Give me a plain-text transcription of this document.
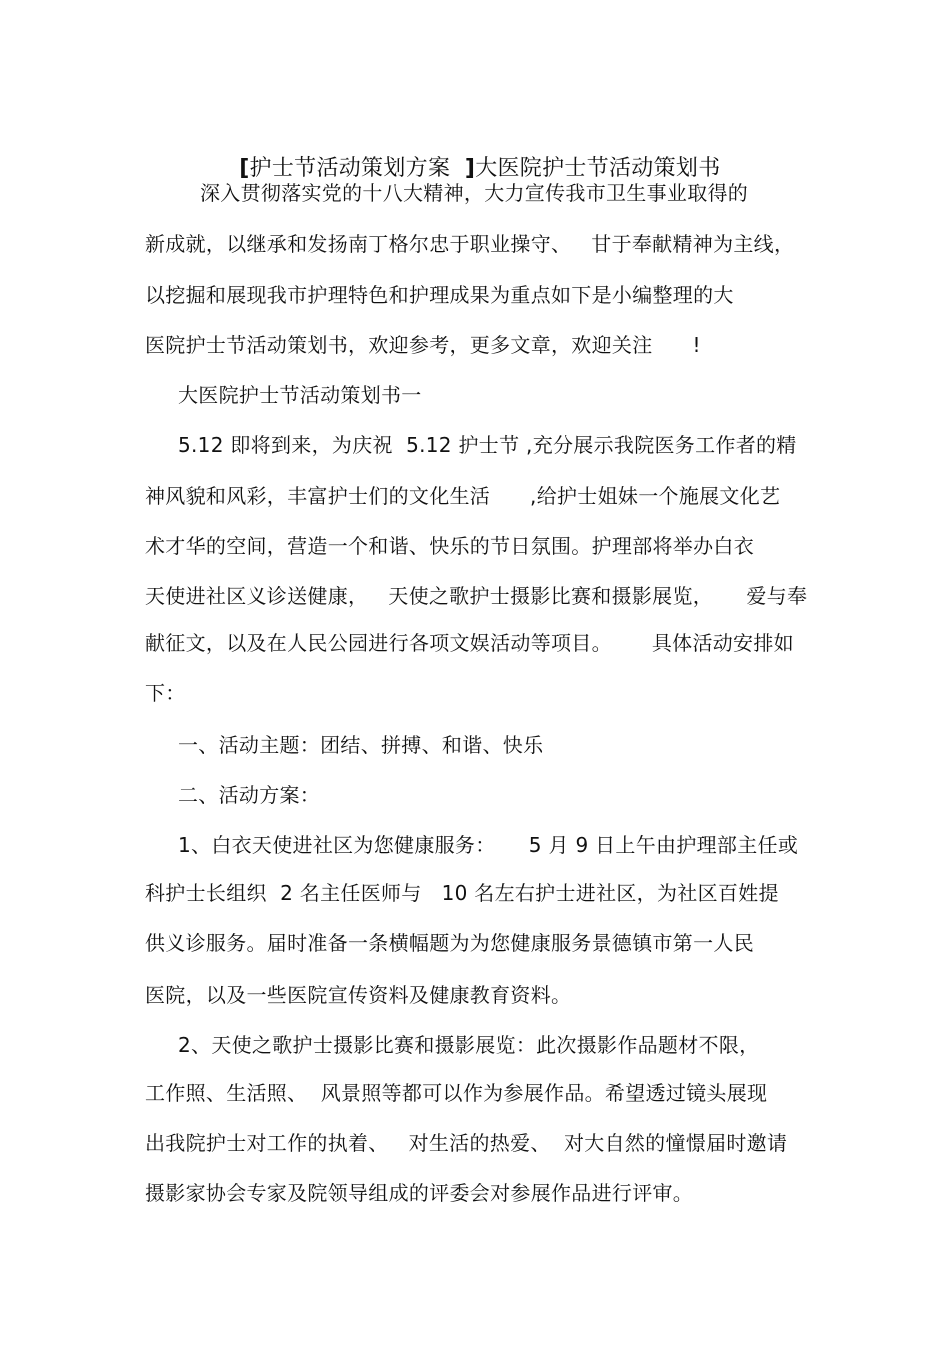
[护士节活动策划方案 ]大医院护士节活动策划书

深入贯彻落实党的十八大精神，大力宣传我市卫生事业取得的
新成就，以继承和发扬南丁格尔忠于职业操守、   甘于奉献精神为主线，
以挖掘和展现我市护理特色和护理成果为重点如下是小编整理的大
医院护士节活动策划书，欢迎参考，更多文章，欢迎关注      !
大医院护士节活动策划书一
5.12 即将到来，为庆祝  5.12 护士节 ,充分展示我院医务工作者的精
神风貌和风彩，丰富护士们的文化生活      ,给护士姐妹一个施展文化艺
术才华的空间，营造一个和谐、快乐的节日氛围。护理部将举办白衣
天使进社区义诊送健康，   天使之歌护士摄影比赛和摄影展览，     爱与奉
献征文，以及在人民公园进行各项文娱活动等项目。      具体活动安排如
下：
一、活动主题：团结、拼搏、和谐、快乐
二、活动方案：
1、白衣天使进社区为您健康服务：     5 月 9 日上午由护理部主任或
科护士长组织  2 名主任医师与   10 名左右护士进社区，为社区百姓提
供义诊服务。届时准备一条横幅题为为您健康服务景德镇市第一人民
医院，以及一些医院宣传资料及健康教育资料。
2、天使之歌护士摄影比赛和摄影展览：此次摄影作品题材不限，
工作照、生活照、  风景照等都可以作为参展作品。希望透过镜头展现
出我院护士对工作的执着、   对生活的热爱、  对大自然的憧憬届时邀请
摄影家协会专家及院领导组成的评委会对参展作品进行评审。
